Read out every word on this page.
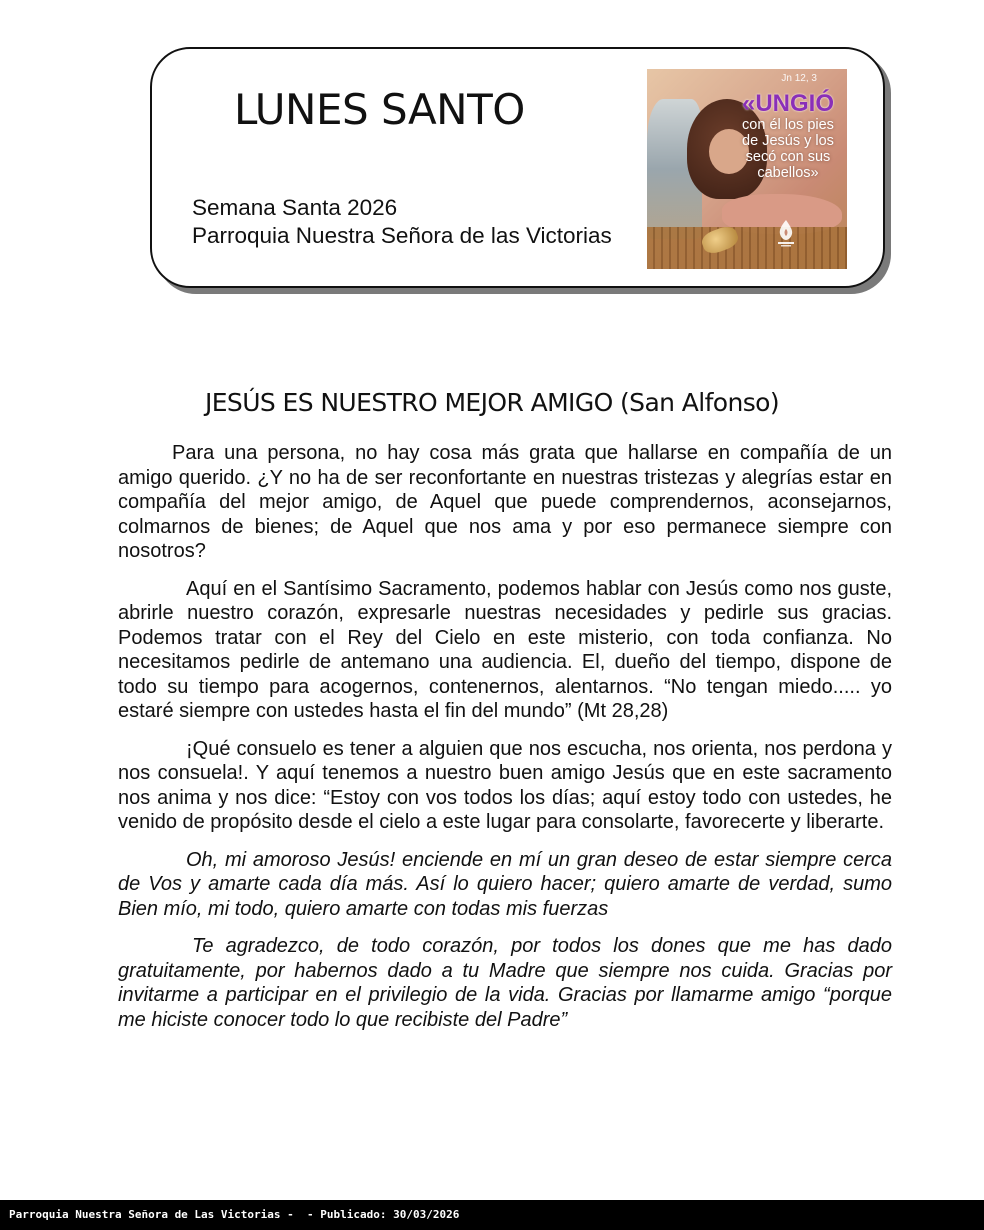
LUNES SANTO
Semana Santa 2026
Parroquia Nuestra Señora de las Victorias
Jn 12, 3
«UNGIÓ
con él los pies de Jesús y los secó con sus cabellos»
JESÚS ES NUESTRO MEJOR AMIGO (San Alfonso)

Para una persona, no hay cosa más grata que hallarse en compañía de un amigo querido. ¿Y no ha de ser reconfortante en nuestras tristezas y alegrías estar en compañía del mejor amigo, de Aquel que puede comprendernos, aconsejarnos, colmarnos de bienes; de Aquel que nos ama y por eso permanece siempre con nosotros?

Aquí en el Santísimo Sacramento, podemos hablar con Jesús como nos guste, abrirle nuestro corazón, expresarle nuestras necesidades y pedirle sus gracias. Podemos tratar con el Rey del Cielo en este misterio, con toda confianza. No necesitamos pedirle de antemano una audiencia. El, dueño del tiempo, dispone de todo su tiempo para acogernos, contenernos, alentarnos. “No tengan miedo..... yo estaré siempre con ustedes hasta el fin del mundo” (Mt 28,28)

¡Qué consuelo es tener a alguien que nos escucha, nos orienta, nos perdona y nos consuela!. Y aquí tenemos a nuestro buen amigo Jesús que en este sacramento nos anima y nos dice: “Estoy con vos todos los días; aquí estoy todo con ustedes, he venido de propósito desde el cielo a este lugar para consolarte, favorecerte y liberarte.

Oh, mi amoroso Jesús! enciende en mí un gran deseo de estar siempre cerca de Vos y amarte cada día más. Así lo quiero hacer; quiero amarte de verdad, sumo Bien mío, mi todo, quiero amarte con todas mis fuerzas

Te agradezco, de todo corazón, por todos los dones que me has dado gratuitamente, por habernos dado a tu Madre que siempre nos cuida. Gracias por invitarme a participar en el privilegio de la vida. Gracias por llamarme amigo “porque me hiciste conocer todo lo que recibiste del Padre”

Parroquia Nuestra Señora de Las Victorias -  - Publicado: 30/03/2026
